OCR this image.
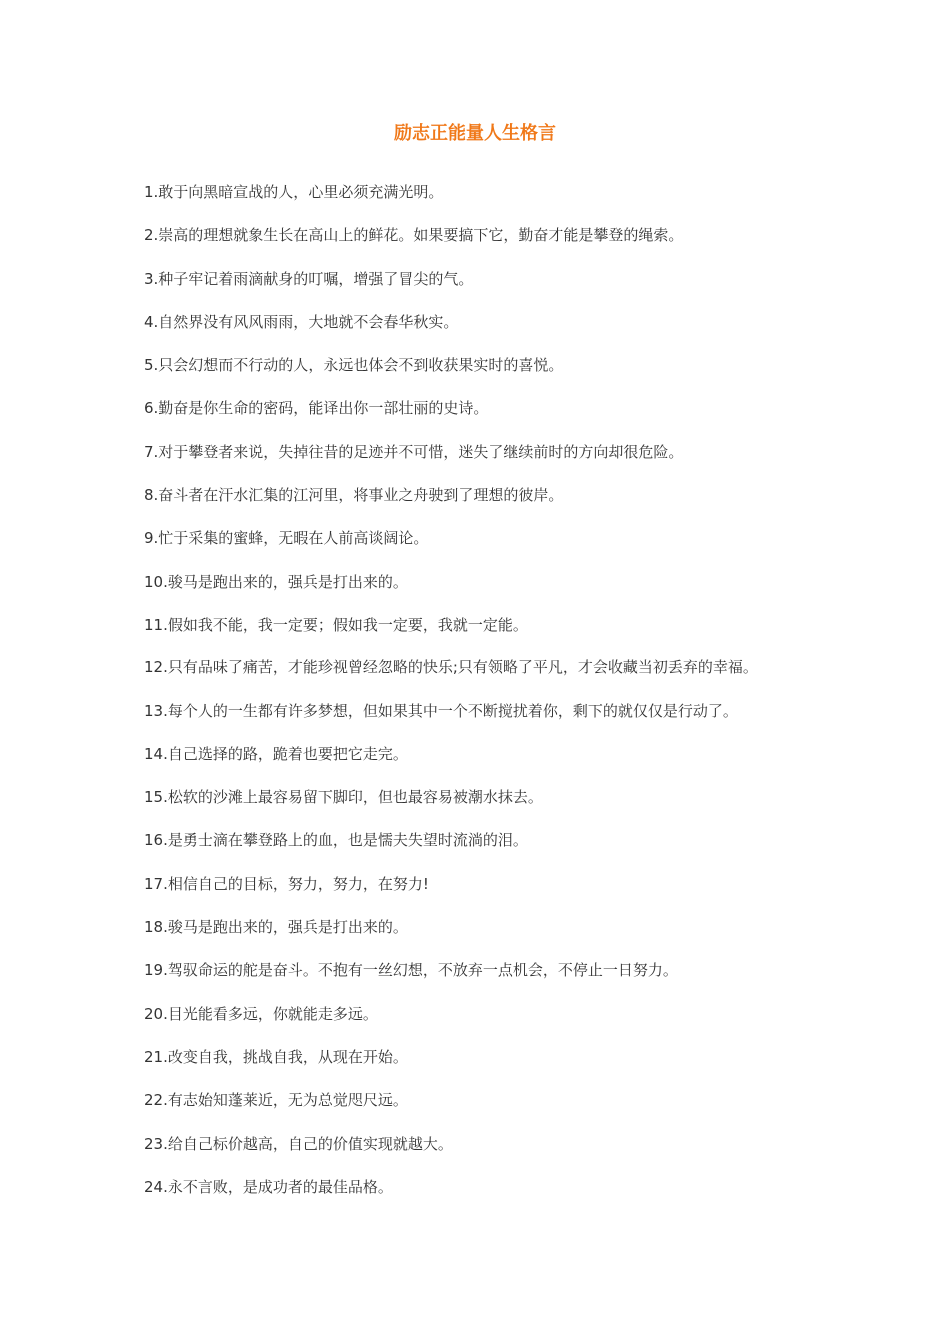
励志正能量人生格言
1.敢于向黑暗宣战的人，心里必须充满光明。
2.崇高的理想就象生长在高山上的鲜花。如果要搞下它，勤奋才能是攀登的绳索。
3.种子牢记着雨滴献身的叮嘱，增强了冒尖的气。
4.自然界没有风风雨雨，大地就不会春华秋实。
5.只会幻想而不行动的人，永远也体会不到收获果实时的喜悦。
6.勤奋是你生命的密码，能译出你一部壮丽的史诗。
7.对于攀登者来说，失掉往昔的足迹并不可惜，迷失了继续前时的方向却很危险。
8.奋斗者在汗水汇集的江河里，将事业之舟驶到了理想的彼岸。
9.忙于采集的蜜蜂，无暇在人前高谈阔论。
10.骏马是跑出来的，强兵是打出来的。
11.假如我不能，我一定要；假如我一定要，我就一定能。
12.只有品味了痛苦，才能珍视曾经忽略的快乐;只有领略了平凡，才会收藏当初丢弃的幸福。
13.每个人的一生都有许多梦想，但如果其中一个不断搅扰着你，剩下的就仅仅是行动了。
14.自己选择的路，跪着也要把它走完。
15.松软的沙滩上最容易留下脚印，但也最容易被潮水抹去。
16.是勇士滴在攀登路上的血，也是懦夫失望时流淌的泪。
17.相信自己的目标，努力，努力，在努力!
18.骏马是跑出来的，强兵是打出来的。
19.驾驭命运的舵是奋斗。不抱有一丝幻想，不放弃一点机会，不停止一日努力。
20.目光能看多远，你就能走多远。
21.改变自我，挑战自我，从现在开始。
22.有志始知蓬莱近，无为总觉咫尺远。
23.给自己标价越高，自己的价值实现就越大。
24.永不言败，是成功者的最佳品格。
